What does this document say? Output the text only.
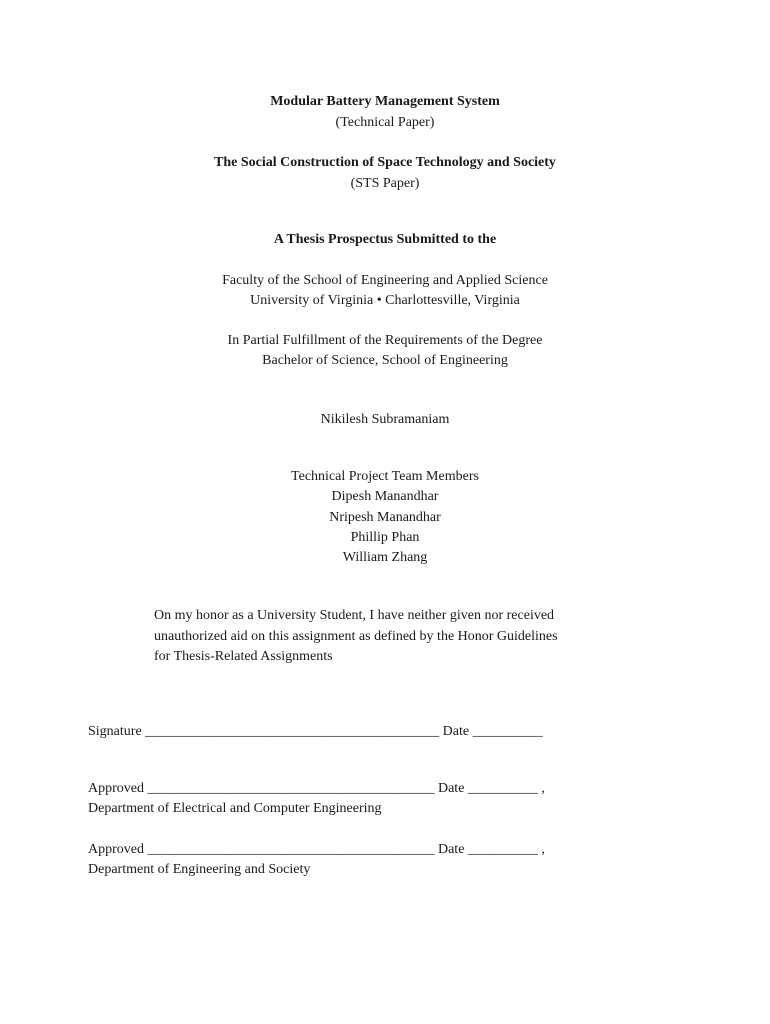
Modular Battery Management System
(Technical Paper)
The Social Construction of Space Technology and Society
(STS Paper)
A Thesis Prospectus Submitted to the
Faculty of the School of Engineering and Applied Science
University of Virginia • Charlottesville, Virginia
In Partial Fulfillment of the Requirements of the Degree
Bachelor of Science, School of Engineering
Nikilesh Subramaniam
Technical Project Team Members
Dipesh Manandhar
Nripesh Manandhar
Phillip Phan
William Zhang
On my honor as a University Student, I have neither given nor received
unauthorized aid on this assignment as defined by the Honor Guidelines
for Thesis-Related Assignments
Signature __________________________________________ Date __________
Approved _________________________________________ Date __________ ,
Department of Electrical and Computer Engineering
Approved _________________________________________ Date __________ ,
Department of Engineering and Society
